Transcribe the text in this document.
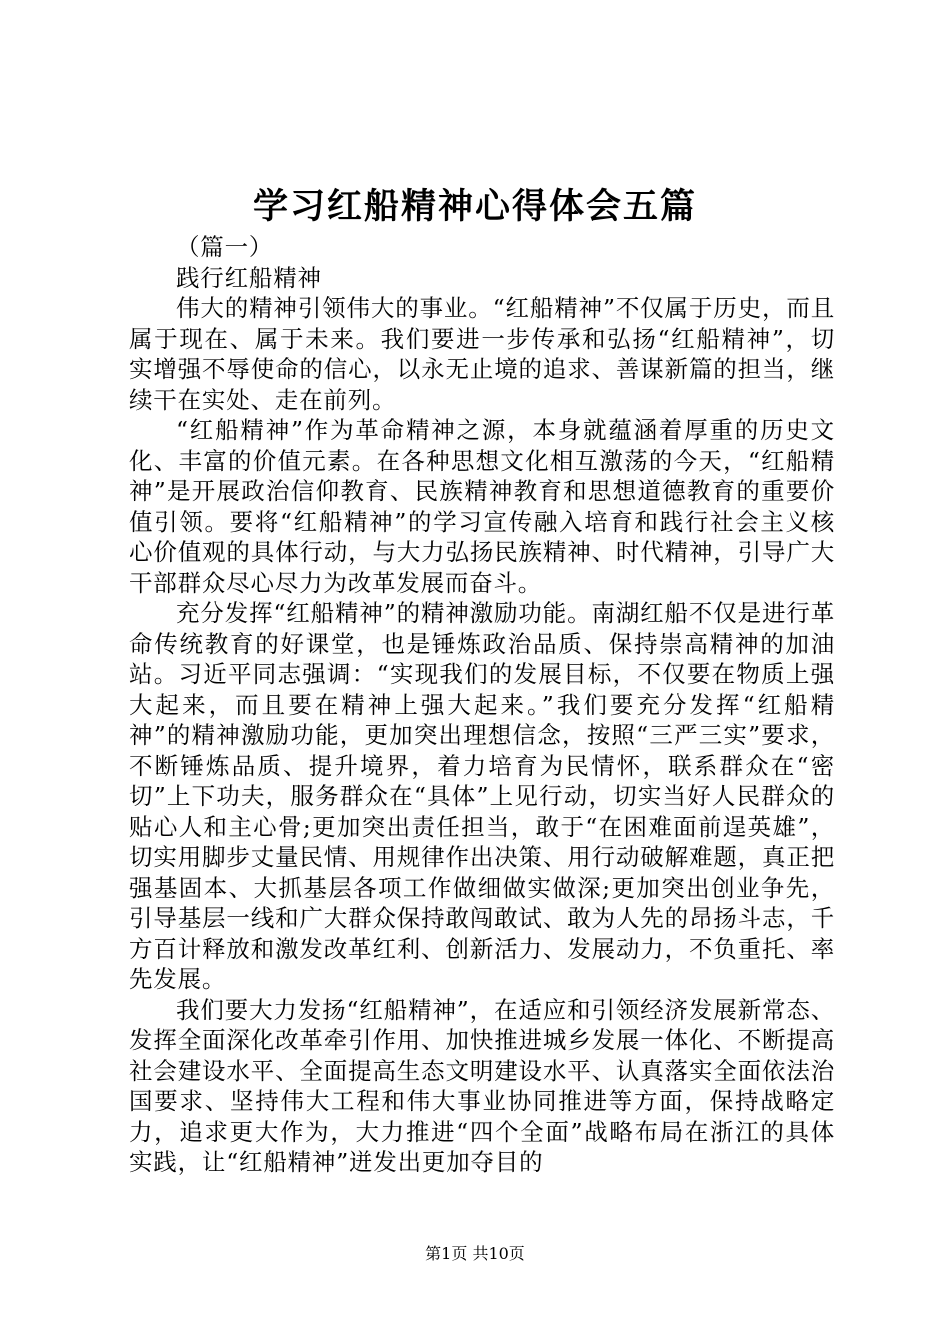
学习红船精神心得体会五篇

（篇一）

践行红船精神

伟大的精神引领伟大的事业。“红船精神”不仅属于历史，而且属于现在、属于未来。我们要进一步传承和弘扬“红船精神”，切实增强不辱使命的信心，以永无止境的追求、善谋新篇的担当，继续干在实处、走在前列。

“红船精神”作为革命精神之源，本身就蕴涵着厚重的历史文化、丰富的价值元素。在各种思想文化相互激荡的今天，“红船精神”是开展政治信仰教育、民族精神教育和思想道德教育的重要价值引领。要将“红船精神”的学习宣传融入培育和践行社会主义核心价值观的具体行动，与大力弘扬民族精神、时代精神，引导广大干部群众尽心尽力为改革发展而奋斗。

充分发挥“红船精神”的精神激励功能。南湖红船不仅是进行革命传统教育的好课堂，也是锤炼政治品质、保持崇高精神的加油站。习近平同志强调：“实现我们的发展目标，不仅要在物质上强大起来，而且要在精神上强大起来。”我们要充分发挥“红船精神”的精神激励功能，更加突出理想信念，按照“三严三实”要求，不断锤炼品质、提升境界，着力培育为民情怀，联系群众在“密切”上下功夫，服务群众在“具体”上见行动，切实当好人民群众的贴心人和主心骨;更加突出责任担当，敢于“在困难面前逞英雄”，切实用脚步丈量民情、用规律作出决策、用行动破解难题，真正把强基固本、大抓基层各项工作做细做实做深;更加突出创业争先，引导基层一线和广大群众保持敢闯敢试、敢为人先的昂扬斗志，千方百计释放和激发改革红利、创新活力、发展动力，不负重托、率先发展。

我们要大力发扬“红船精神”，在适应和引领经济发展新常态、发挥全面深化改革牵引作用、加快推进城乡发展一体化、不断提高社会建设水平、全面提高生态文明建设水平、认真落实全面依法治国要求、坚持伟大工程和伟大事业协同推进等方面，保持战略定力，追求更大作为，大力推进“四个全面”战略布局在浙江的具体实践，让“红船精神”迸发出更加夺目的

第1页 共10页
